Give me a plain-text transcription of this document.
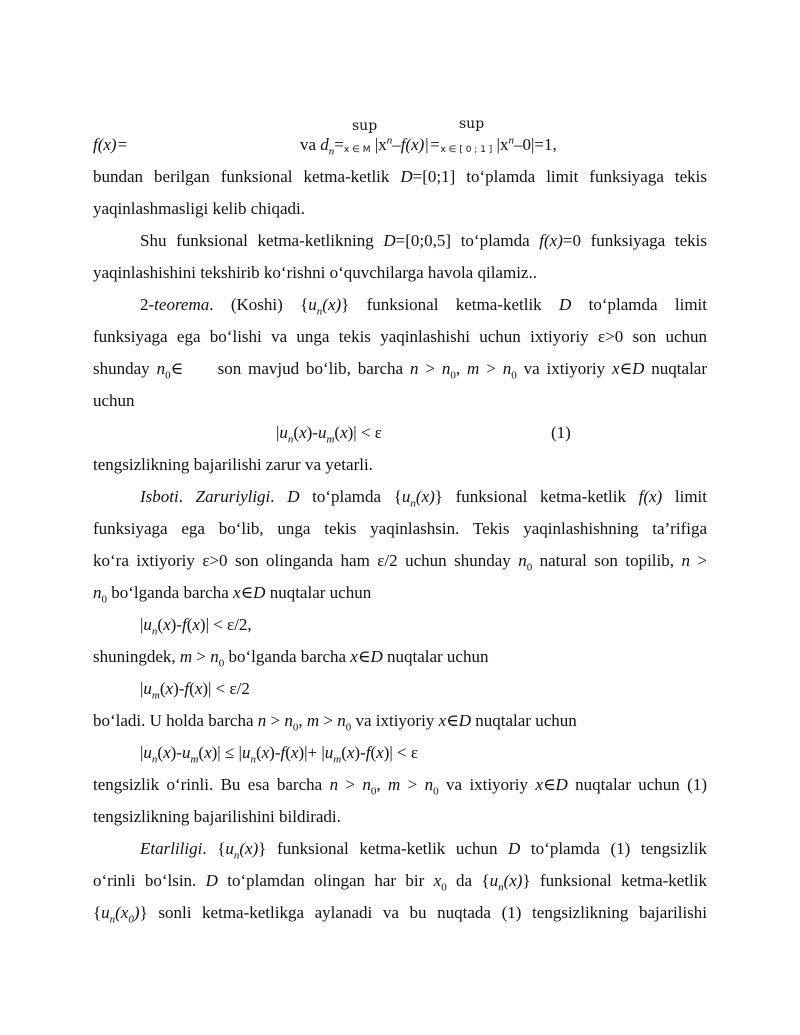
sup	sup
f(x)=	va $d_n=x$ ∈ M $|x^n-f(x)|=x$ ∈ [ 0 ; 1 ] $|x^n-0|=1$,
bundan berilgan funksional ketma-ketlik D=[0;1] to‘plamda limit funksiyaga tekis
yaqinlashmasligi kelib chiqadi.
Shu funksional ketma-ketlikning D=[0;0,5] to‘plamda f(x)=0 funksiyaga tekis
yaqinlashishini tekshirib ko‘rishni o‘quvchilarga havola qilamiz..
2-teorema. (Koshi) $\{u_n(x)\}$ funksional ketma-ketlik D to‘plamda limit
funksiyaga ega bo‘lishi va unga tekis yaqinlashishi uchun ixtiyoriy ε>0 son uchun
shunday $n_0\in$     son mavjud bo‘lib, barcha $n > n_0$, $m > n_0$ va ixtiyoriy x∈D nuqtalar
uchun
$|u_n(x)-u_m(x)| < \varepsilon$	(1)
tengsizlikning bajarilishi zarur va yetarli.
Isboti. Zaruriyligi. D to‘plamda $\{u_n(x)\}$ funksional ketma-ketlik f(x) limit
funksiyaga ega bo‘lib, unga tekis yaqinlashsin. Tekis yaqinlashishning ta’rifiga
ko‘ra ixtiyoriy ε>0 son olinganda ham ε/2 uchun shunday $n_0$ natural son topilib, n >
$n_0$ bo‘lganda barcha x∈D nuqtalar uchun
$|u_n(x)-f(x)| < \varepsilon/2$,
shuningdek, $m > n_0$ bo‘lganda barcha x∈D nuqtalar uchun
$|u_m(x)-f(x)| < \varepsilon/2$
bo‘ladi. U holda barcha $n > n_0$, $m > n_0$ va ixtiyoriy x∈D nuqtalar uchun
$|u_n(x)-u_m(x)| \le |u_n(x)-f(x)|+ |u_m(x)-f(x)| < \varepsilon$
tengsizlik o‘rinli. Bu esa barcha $n > n_0$, $m > n_0$ va ixtiyoriy x∈D nuqtalar uchun (1)
tengsizlikning bajarilishini bildiradi.
Etarliligi. $\{u_n(x)\}$ funksional ketma-ketlik uchun D to‘plamda (1) tengsizlik
o‘rinli bo‘lsin. D to‘plamdan olingan har bir $x_0$ da $\{u_n(x)\}$ funksional ketma-ketlik
$\{u_n(x_0)\}$ sonli ketma-ketlikga aylanadi va bu nuqtada (1) tengsizlikning bajarilishi
